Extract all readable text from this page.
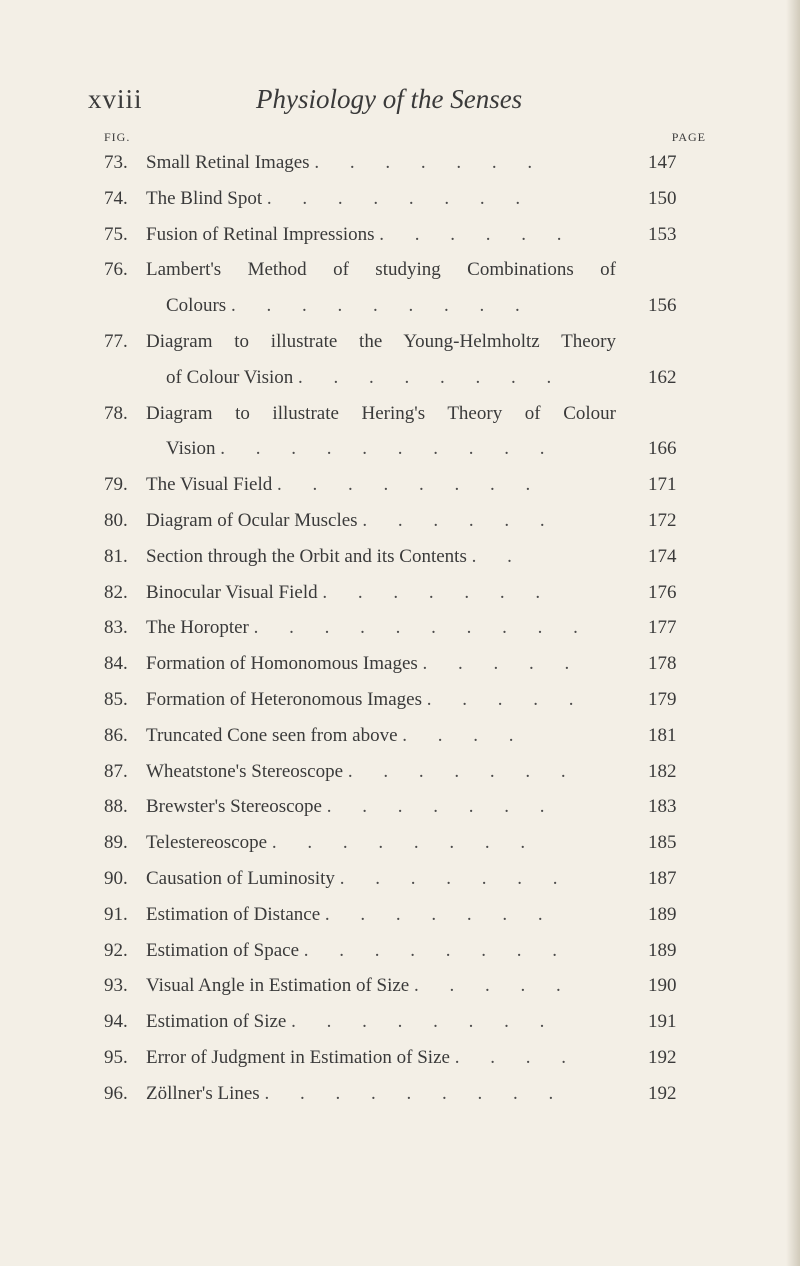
xviii	Physiology of the Senses
FIG.	PAGE
73. Small Retinal Images . . . . . . .	147
74. The Blind Spot . . . . . . . .	150
75. Fusion of Retinal Impressions . . . . . .	153
76. Lambert's Method of studying Combinations of
Colours . . . . . . . . .	156
77. Diagram to illustrate the Young-Helmholtz Theory
of Colour Vision . . . . . . . .	162
78. Diagram to illustrate Hering's Theory of Colour
Vision . . . . . . . . . .	166
79. The Visual Field . . . . . . . .	171
80. Diagram of Ocular Muscles . . . . . .	172
81. Section through the Orbit and its Contents . .	174
82. Binocular Visual Field . . . . . . .	176
83. The Horopter . . . . . . . . . .	177
84. Formation of Homonomous Images . . . . .	178
85. Formation of Heteronomous Images . . . . .	179
86. Truncated Cone seen from above . . . .	181
87. Wheatstone's Stereoscope . . . . . . .	182
88. Brewster's Stereoscope . . . . . . .	183
89. Telestereoscope . . . . . . . .	185
90. Causation of Luminosity . . . . . . .	187
91. Estimation of Distance . . . . . . .	189
92. Estimation of Space . . . . . . . .	189
93. Visual Angle in Estimation of Size . . . . .	190
94. Estimation of Size . . . . . . . .	191
95. Error of Judgment in Estimation of Size . . . .	192
96. Zöllner's Lines . . . . . . . . .	192
